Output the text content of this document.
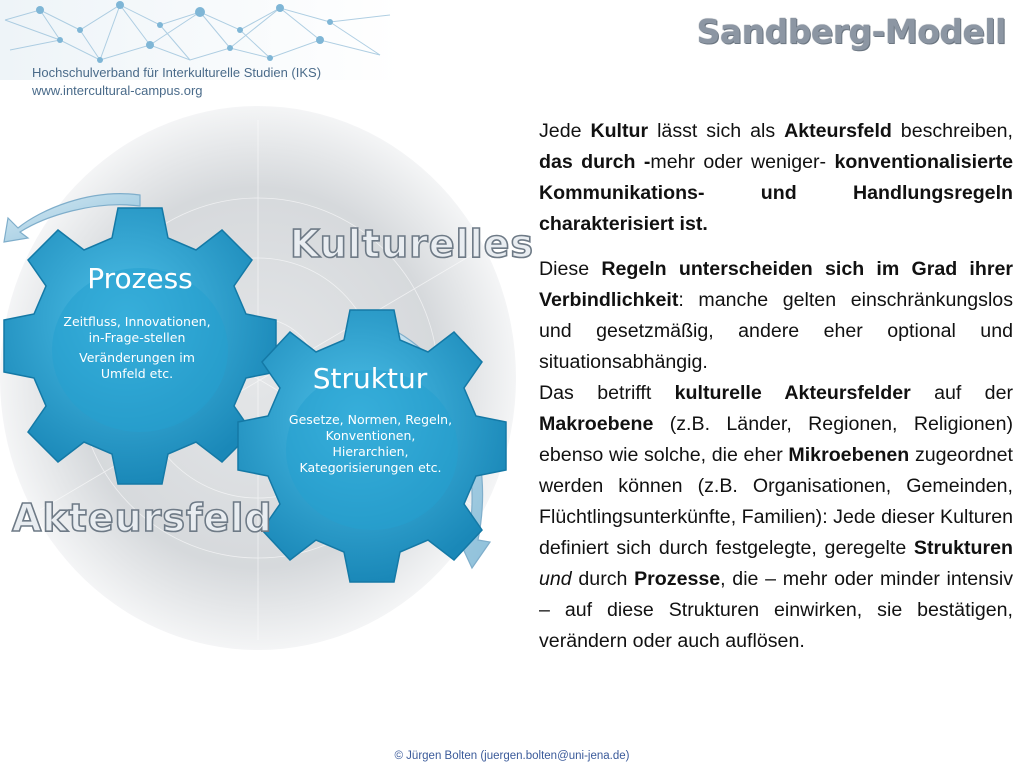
Hochschulverband für Interkulturelle Studien (IKS)
www.intercultural-campus.org
Sandberg-Modell
Kulturelles
Akteursfeld
Prozess
Zeitfluss, Innovationen, in-Frage-stellen
Veränderungen im Umfeld etc.	Struktur
Gesetze, Normen, Regeln, Konventionen, Hierarchien, Kategorisierungen etc.

Jede Kultur lässt sich als Akteursfeld beschreiben, das durch -mehr oder weniger- konventionalisierte Kommunikations- und Handlungsregeln charakterisiert ist.

Diese Regeln unterscheiden sich im Grad ihrer Verbindlichkeit: manche gelten einschränkungslos und gesetzmäßig, andere eher optional und situationsabhängig.

Das betrifft kulturelle Akteursfelder auf der Makroebene (z.B. Länder, Regionen, Religionen) ebenso wie solche, die eher Mikroebenen zugeordnet werden können (z.B. Organisationen, Gemeinden, Flüchtlingsunterkünfte, Familien): Jede dieser Kulturen definiert sich durch festgelegte, geregelte Strukturen und durch Prozesse, die – mehr oder minder intensiv – auf diese Strukturen einwirken, sie bestätigen, verändern oder auch auflösen.

© Jürgen Bolten (juergen.bolten@uni-jena.de)
